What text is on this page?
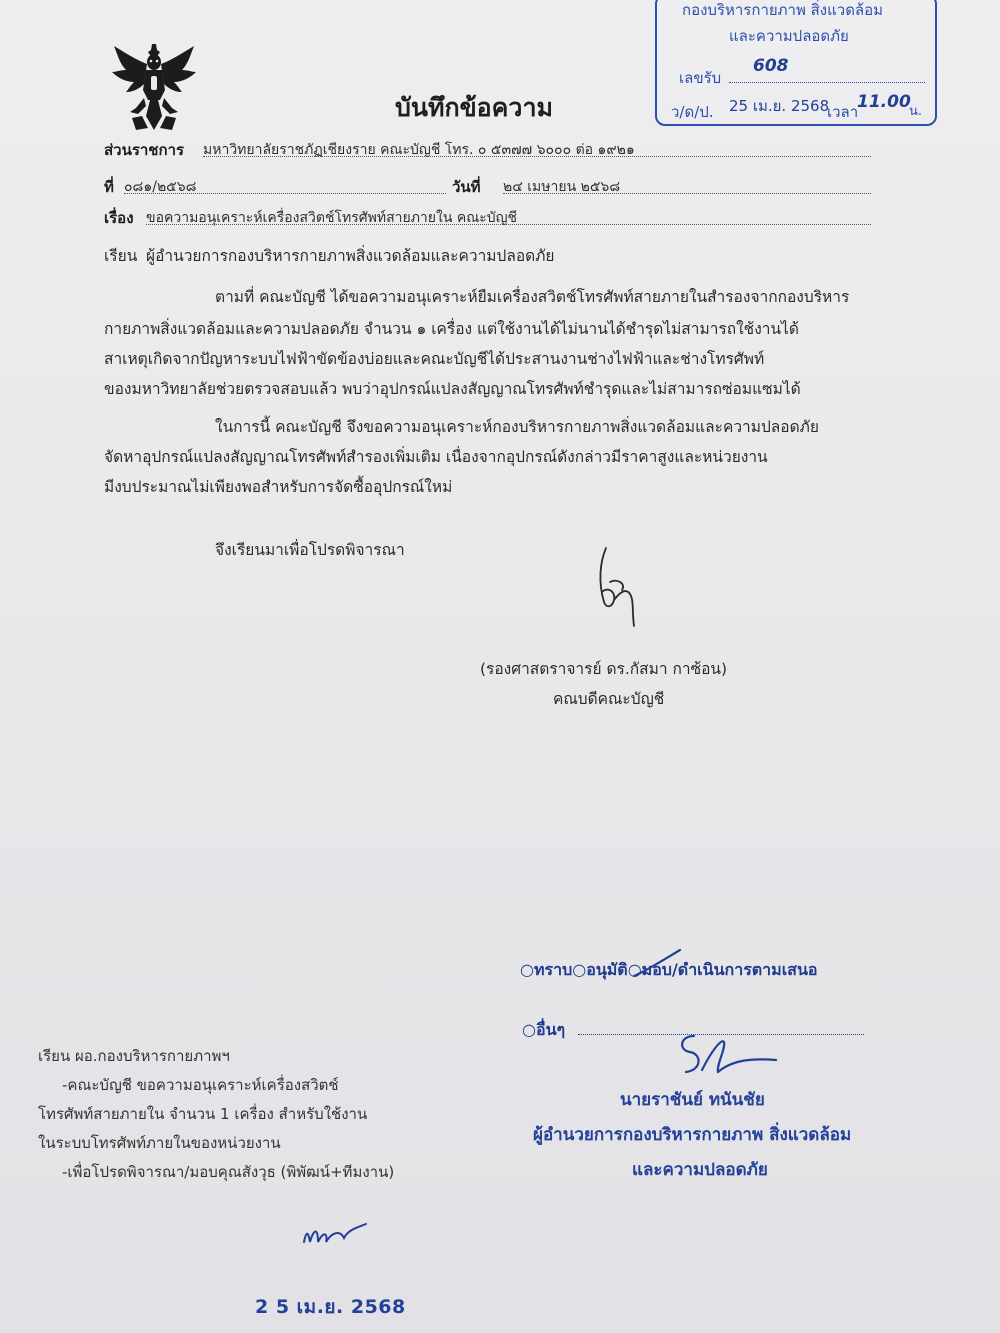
บันทึกข้อความ
กองบริหารกายภาพ สิ่งแวดล้อม
และความปลอดภัย
เลขรับ
608
ว/ด/ป. 25 เม.ย. 2568
เวลา
11.00
น.
ส่วนราชการ มหาวิทยาลัยราชภัฏเชียงราย คณะบัญชี โทร. ๐ ๕๓๗๗ ๖๐๐๐ ต่อ ๑๙๒๑
ที่ ๐๘๑/๒๕๖๘	วันที่ ๒๔ เมษายน ๒๕๖๘
เรื่อง ขอความอนุเคราะห์เครื่องสวิตช์โทรศัพท์สายภายใน คณะบัญชี
เรียน ผู้อำนวยการกองบริหารกายภาพสิ่งแวดล้อมและความปลอดภัย
ตามที่ คณะบัญชี ได้ขอความอนุเคราะห์ยืมเครื่องสวิตช์โทรศัพท์สายภายในสำรองจากกองบริหาร
กายภาพสิ่งแวดล้อมและความปลอดภัย จำนวน ๑ เครื่อง แต่ใช้งานได้ไม่นานได้ชำรุดไม่สามารถใช้งานได้
สาเหตุเกิดจากปัญหาระบบไฟฟ้าขัดข้องบ่อยและคณะบัญชีได้ประสานงานช่างไฟฟ้าและช่างโทรศัพท์
ของมหาวิทยาลัยช่วยตรวจสอบแล้ว พบว่าอุปกรณ์แปลงสัญญาณโทรศัพท์ชำรุดและไม่สามารถซ่อมแซมได้
ในการนี้ คณะบัญชี จึงขอความอนุเคราะห์กองบริหารกายภาพสิ่งแวดล้อมและความปลอดภัย
จัดหาอุปกรณ์แปลงสัญญาณโทรศัพท์สำรองเพิ่มเติม เนื่องจากอุปกรณ์ดังกล่าวมีราคาสูงและหน่วยงาน
มีงบประมาณไม่เพียงพอสำหรับการจัดซื้ออุปกรณ์ใหม่
จึงเรียนมาเพื่อโปรดพิจารณา
(รองศาสตราจารย์ ดร.กัสมา กาซ้อน)
คณบดีคณะบัญชี
○ทราบ○อนุมัติ○มอบ/ดำเนินการตามเสนอ
○อื่นๆ
นายราชันย์ ทนันชัย
ผู้อำนวยการกองบริหารกายภาพ สิ่งแวดล้อม
และความปลอดภัย
เรียน ผอ.กองบริหารกายภาพฯ
-คณะบัญชี ขอความอนุเคราะห์เครื่องสวิตช์
โทรศัพท์สายภายใน จำนวน 1 เครื่อง สำหรับใช้งาน
ในระบบโทรศัพท์ภายในของหน่วยงาน
-เพื่อโปรดพิจารณา/มอบคุณสังวุธ (พิพัฒน์+ทีมงาน)
2 5 เม.ย. 2568
